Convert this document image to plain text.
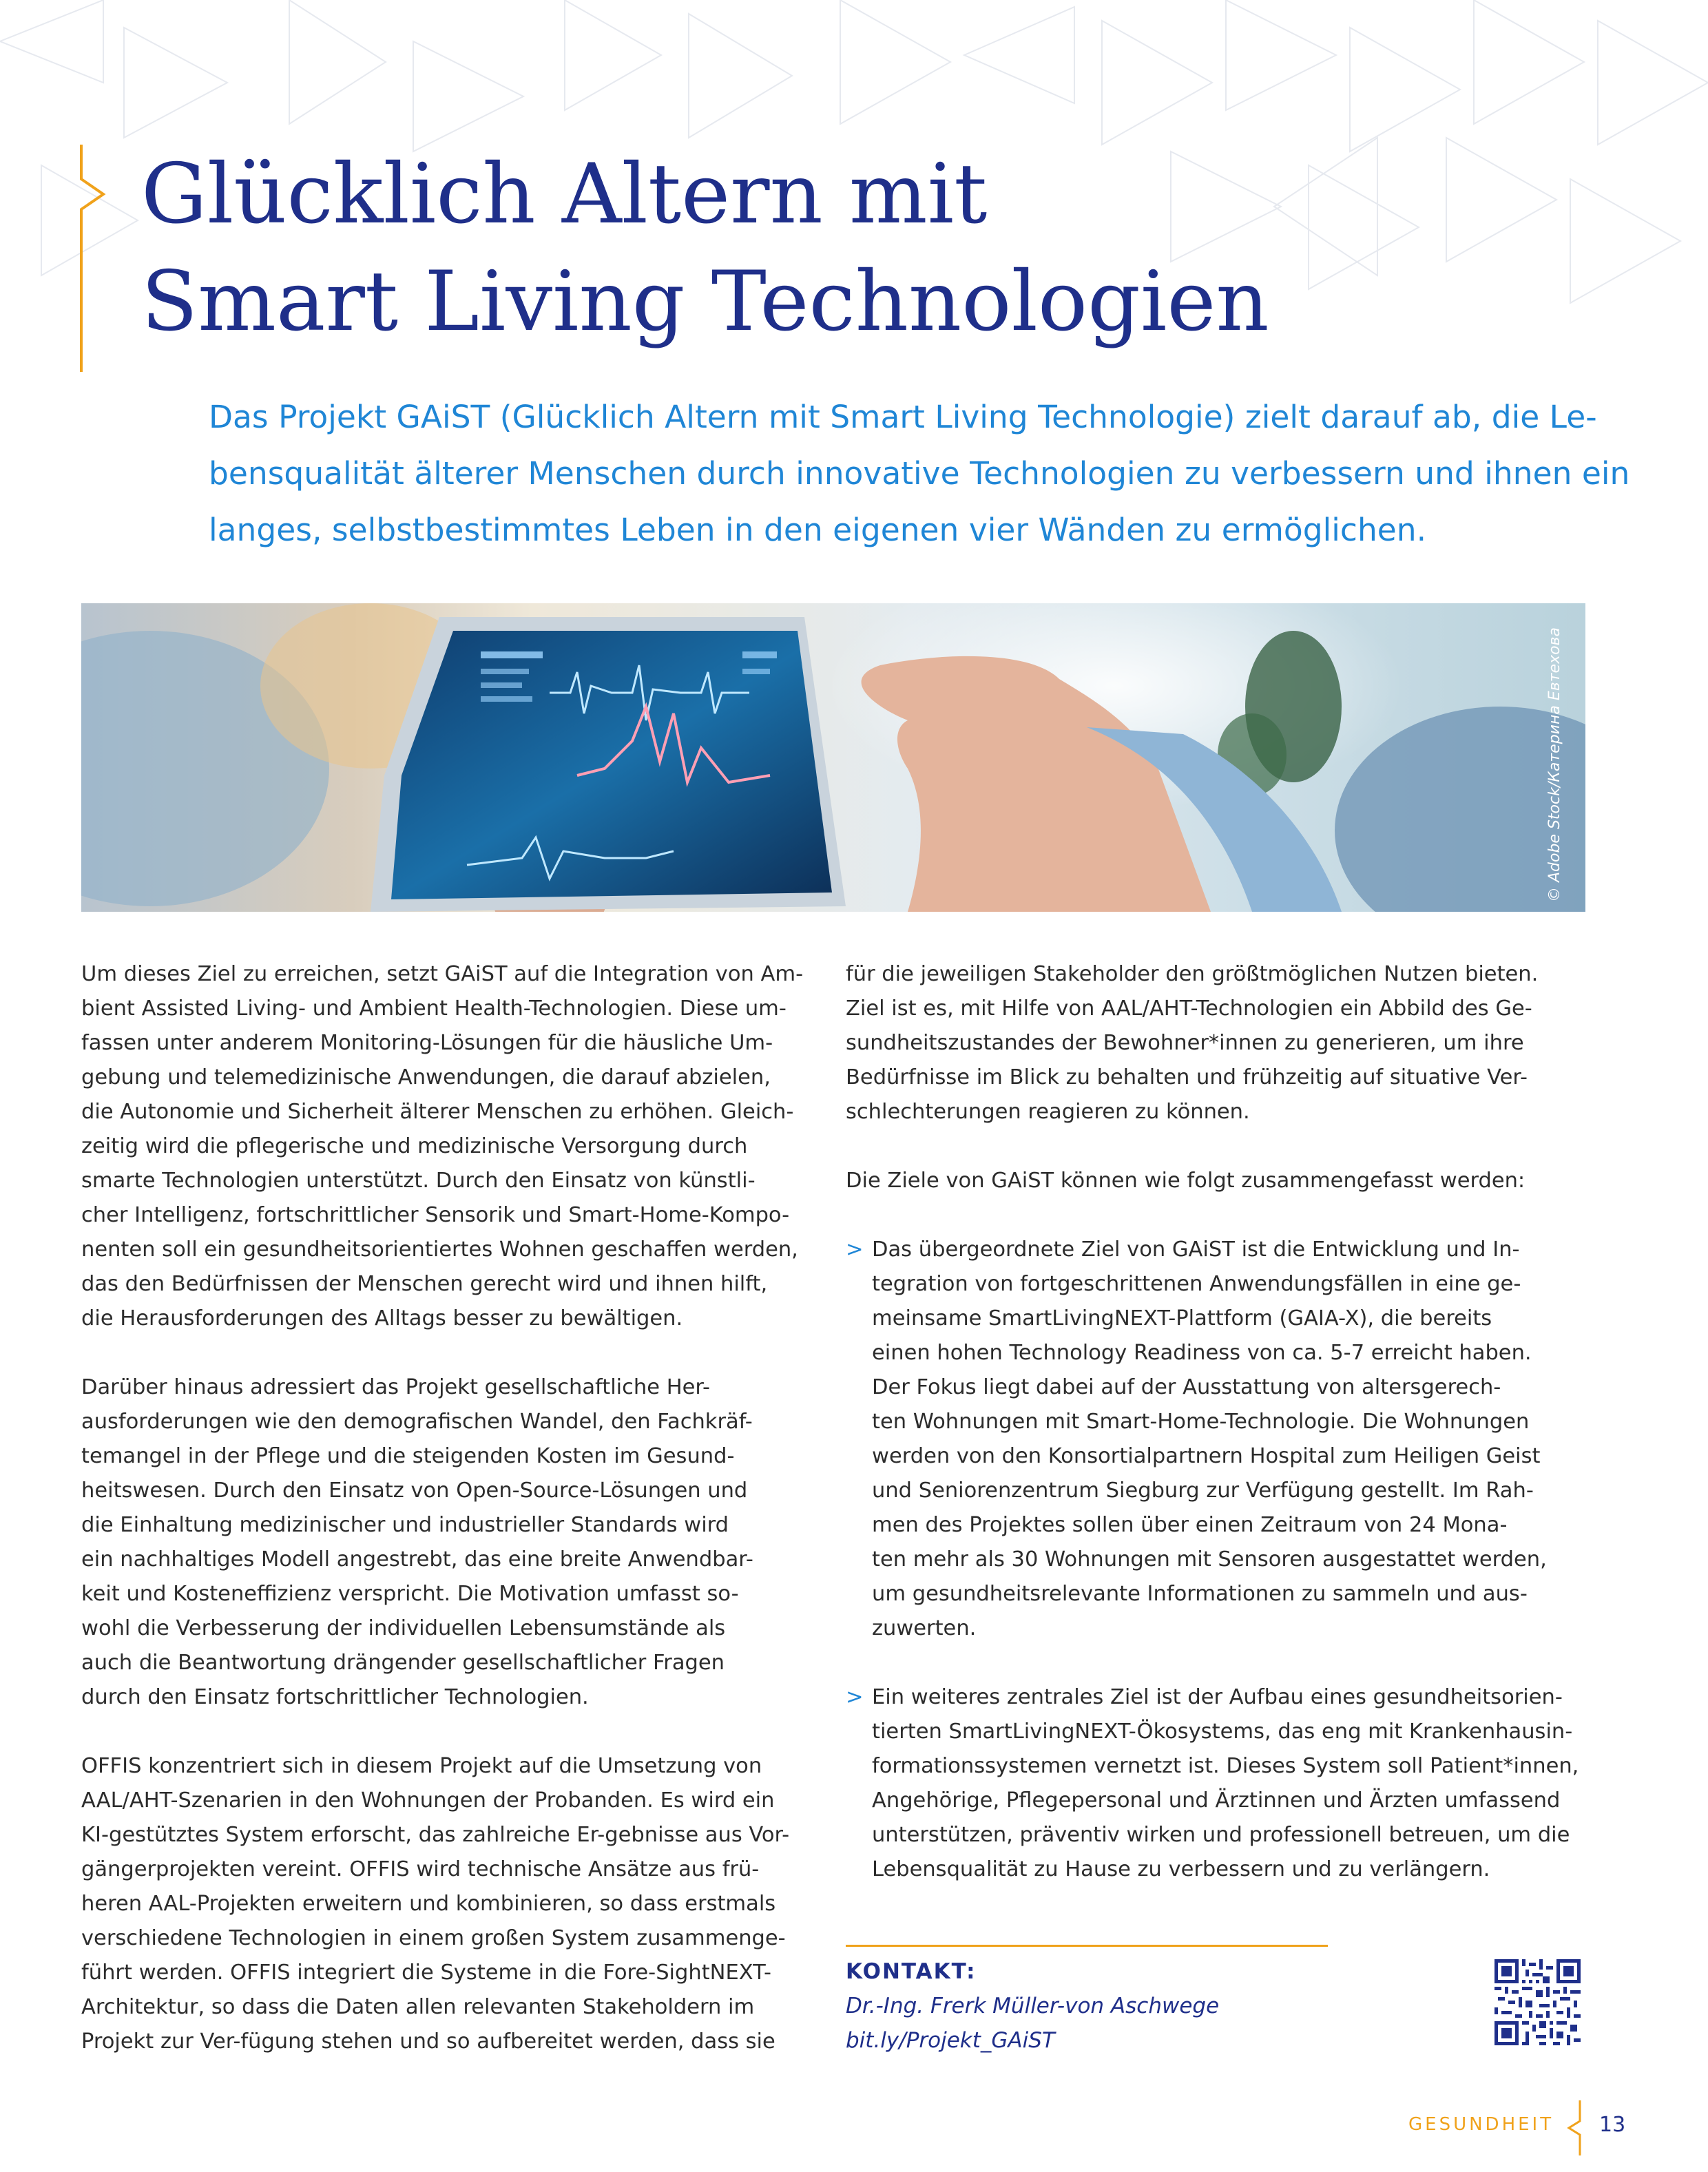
Glücklich Altern mit
Smart Living Technologien

Das Projekt GAiST (Glücklich Altern mit Smart Living Technologie) zielt darauf ab, die Le-
bensqualität älterer Menschen durch innovative Technologien zu verbessern und ihnen ein
langes, selbstbestimmtes Leben in den eigenen vier Wänden zu ermöglichen.

© Adobe Stock/Катерина Евтехова

Um dieses Ziel zu erreichen, setzt GAiST auf die Integration von Am-
bient Assisted Living- und Ambient Health-Technologien. Diese um-
fassen unter anderem Monitoring-Lösungen für die häusliche Um-
gebung und telemedizinische Anwendungen, die darauf abzielen,
die Autonomie und Sicherheit älterer Menschen zu erhöhen. Gleich-
zeitig wird die pflegerische und medizinische Versorgung durch
smarte Technologien unterstützt. Durch den Einsatz von künstli-
cher Intelligenz, fortschrittlicher Sensorik und Smart-Home-Kompo-
nenten soll ein gesundheitsorientiertes Wohnen geschaffen werden,
das den Bedürfnissen der Menschen gerecht wird und ihnen hilft,
die Herausforderungen des Alltags besser zu bewältigen.

Darüber hinaus adressiert das Projekt gesellschaftliche Her-
ausforderungen wie den demografischen Wandel, den Fachkräf-
temangel in der Pflege und die steigenden Kosten im Gesund-
heitswesen. Durch den Einsatz von Open-Source-Lösungen und
die Einhaltung medizinischer und industrieller Standards wird
ein nachhaltiges Modell angestrebt, das eine breite Anwendbar-
keit und Kosteneffizienz verspricht. Die Motivation umfasst so-
wohl die Verbesserung der individuellen Lebensumstände als
auch die Beantwortung drängender gesellschaftlicher Fragen
durch den Einsatz fortschrittlicher Technologien.

OFFIS konzentriert sich in diesem Projekt auf die Umsetzung von
AAL/AHT-Szenarien in den Wohnungen der Probanden. Es wird ein
KI-gestütztes System erforscht, das zahlreiche Er-gebnisse aus Vor-
gängerprojekten vereint. OFFIS wird technische Ansätze aus frü-
heren AAL-Projekten erweitern und kombinieren, so dass erstmals
verschiedene Technologien in einem großen System zusammenge-
führt werden. OFFIS integriert die Systeme in die Fore-SightNEXT-
Architektur, so dass die Daten allen relevanten Stakeholdern im
Projekt zur Ver-fügung stehen und so aufbereitet werden, dass sie

für die jeweiligen Stakeholder den größtmöglichen Nutzen bieten.
Ziel ist es, mit Hilfe von AAL/AHT-Technologien ein Abbild des Ge-
sundheitszustandes der Bewohner*innen zu generieren, um ihre
Bedürfnisse im Blick zu behalten und frühzeitig auf situative Ver-
schlechterungen reagieren zu können.

Die Ziele von GAiST können wie folgt zusammengefasst werden:

> Das übergeordnete Ziel von GAiST ist die Entwicklung und In-
tegration von fortgeschrittenen Anwendungsfällen in eine ge-
meinsame SmartLivingNEXT-Plattform (GAIA-X), die bereits
einen hohen Technology Readiness von ca. 5-7 erreicht haben.
Der Fokus liegt dabei auf der Ausstattung von altersgerech-
ten Wohnungen mit Smart-Home-Technologie. Die Wohnungen
werden von den Konsortialpartnern Hospital zum Heiligen Geist
und Seniorenzentrum Siegburg zur Verfügung gestellt. Im Rah-
men des Projektes sollen über einen Zeitraum von 24 Mona-
ten mehr als 30 Wohnungen mit Sensoren ausgestattet werden,
um gesundheitsrelevante Informationen zu sammeln und aus-
zuwerten.
> Ein weiteres zentrales Ziel ist der Aufbau eines gesundheitsorien-
tierten SmartLivingNEXT-Ökosystems, das eng mit Krankenhausin-
formationssystemen vernetzt ist. Dieses System soll Patient*innen,
Angehörige, Pflegepersonal und Ärztinnen und Ärzten umfassend
unterstützen, präventiv wirken und professionell betreuen, um die
Lebensqualität zu Hause zu verbessern und zu verlängern.
KONTAKT:
Dr.-Ing. Frerk Müller-von Aschwege
bit.ly/Projekt_GAiST
GESUNDHEIT 13
